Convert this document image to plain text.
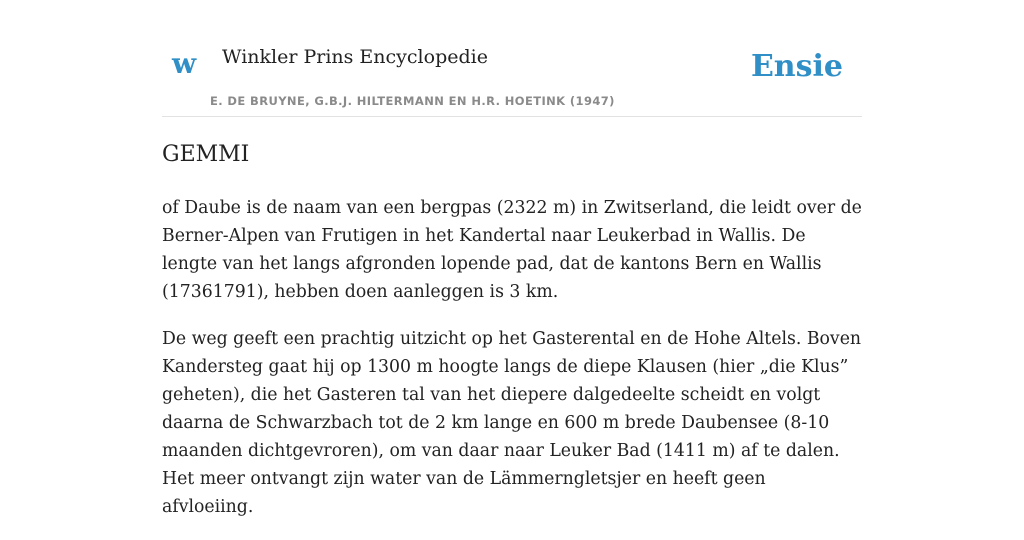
w Winkler Prins Encyclopedie
E. DE BRUYNE, G.B.J. HILTERMANN EN H.R. HOETINK (1947)
Ensie
GEMMI

of Daube is de naam van een bergpas (2322 m) in Zwitserland, die leidt over de Berner-Alpen van Frutigen in het Kandertal naar Leukerbad in Wallis. De lengte van het langs afgronden lopende pad, dat de kantons Bern en Wallis (17361791), hebben doen aanleggen is 3 km.

De weg geeft een prachtig uitzicht op het Gasterental en de Hohe Altels. Boven Kandersteg gaat hij op 1300 m hoogte langs de diepe Klausen (hier „die Klus” geheten), die het Gasteren tal van het diepere dalgedeelte scheidt en volgt daarna de Schwarzbach tot de 2 km lange en 600 m brede Daubensee (8-10 maanden dichtgevroren), om van daar naar Leuker Bad (1411 m) af te dalen. Het meer ontvangt zijn water van de Lämmerngletsjer en heeft geen afvloeiing.
